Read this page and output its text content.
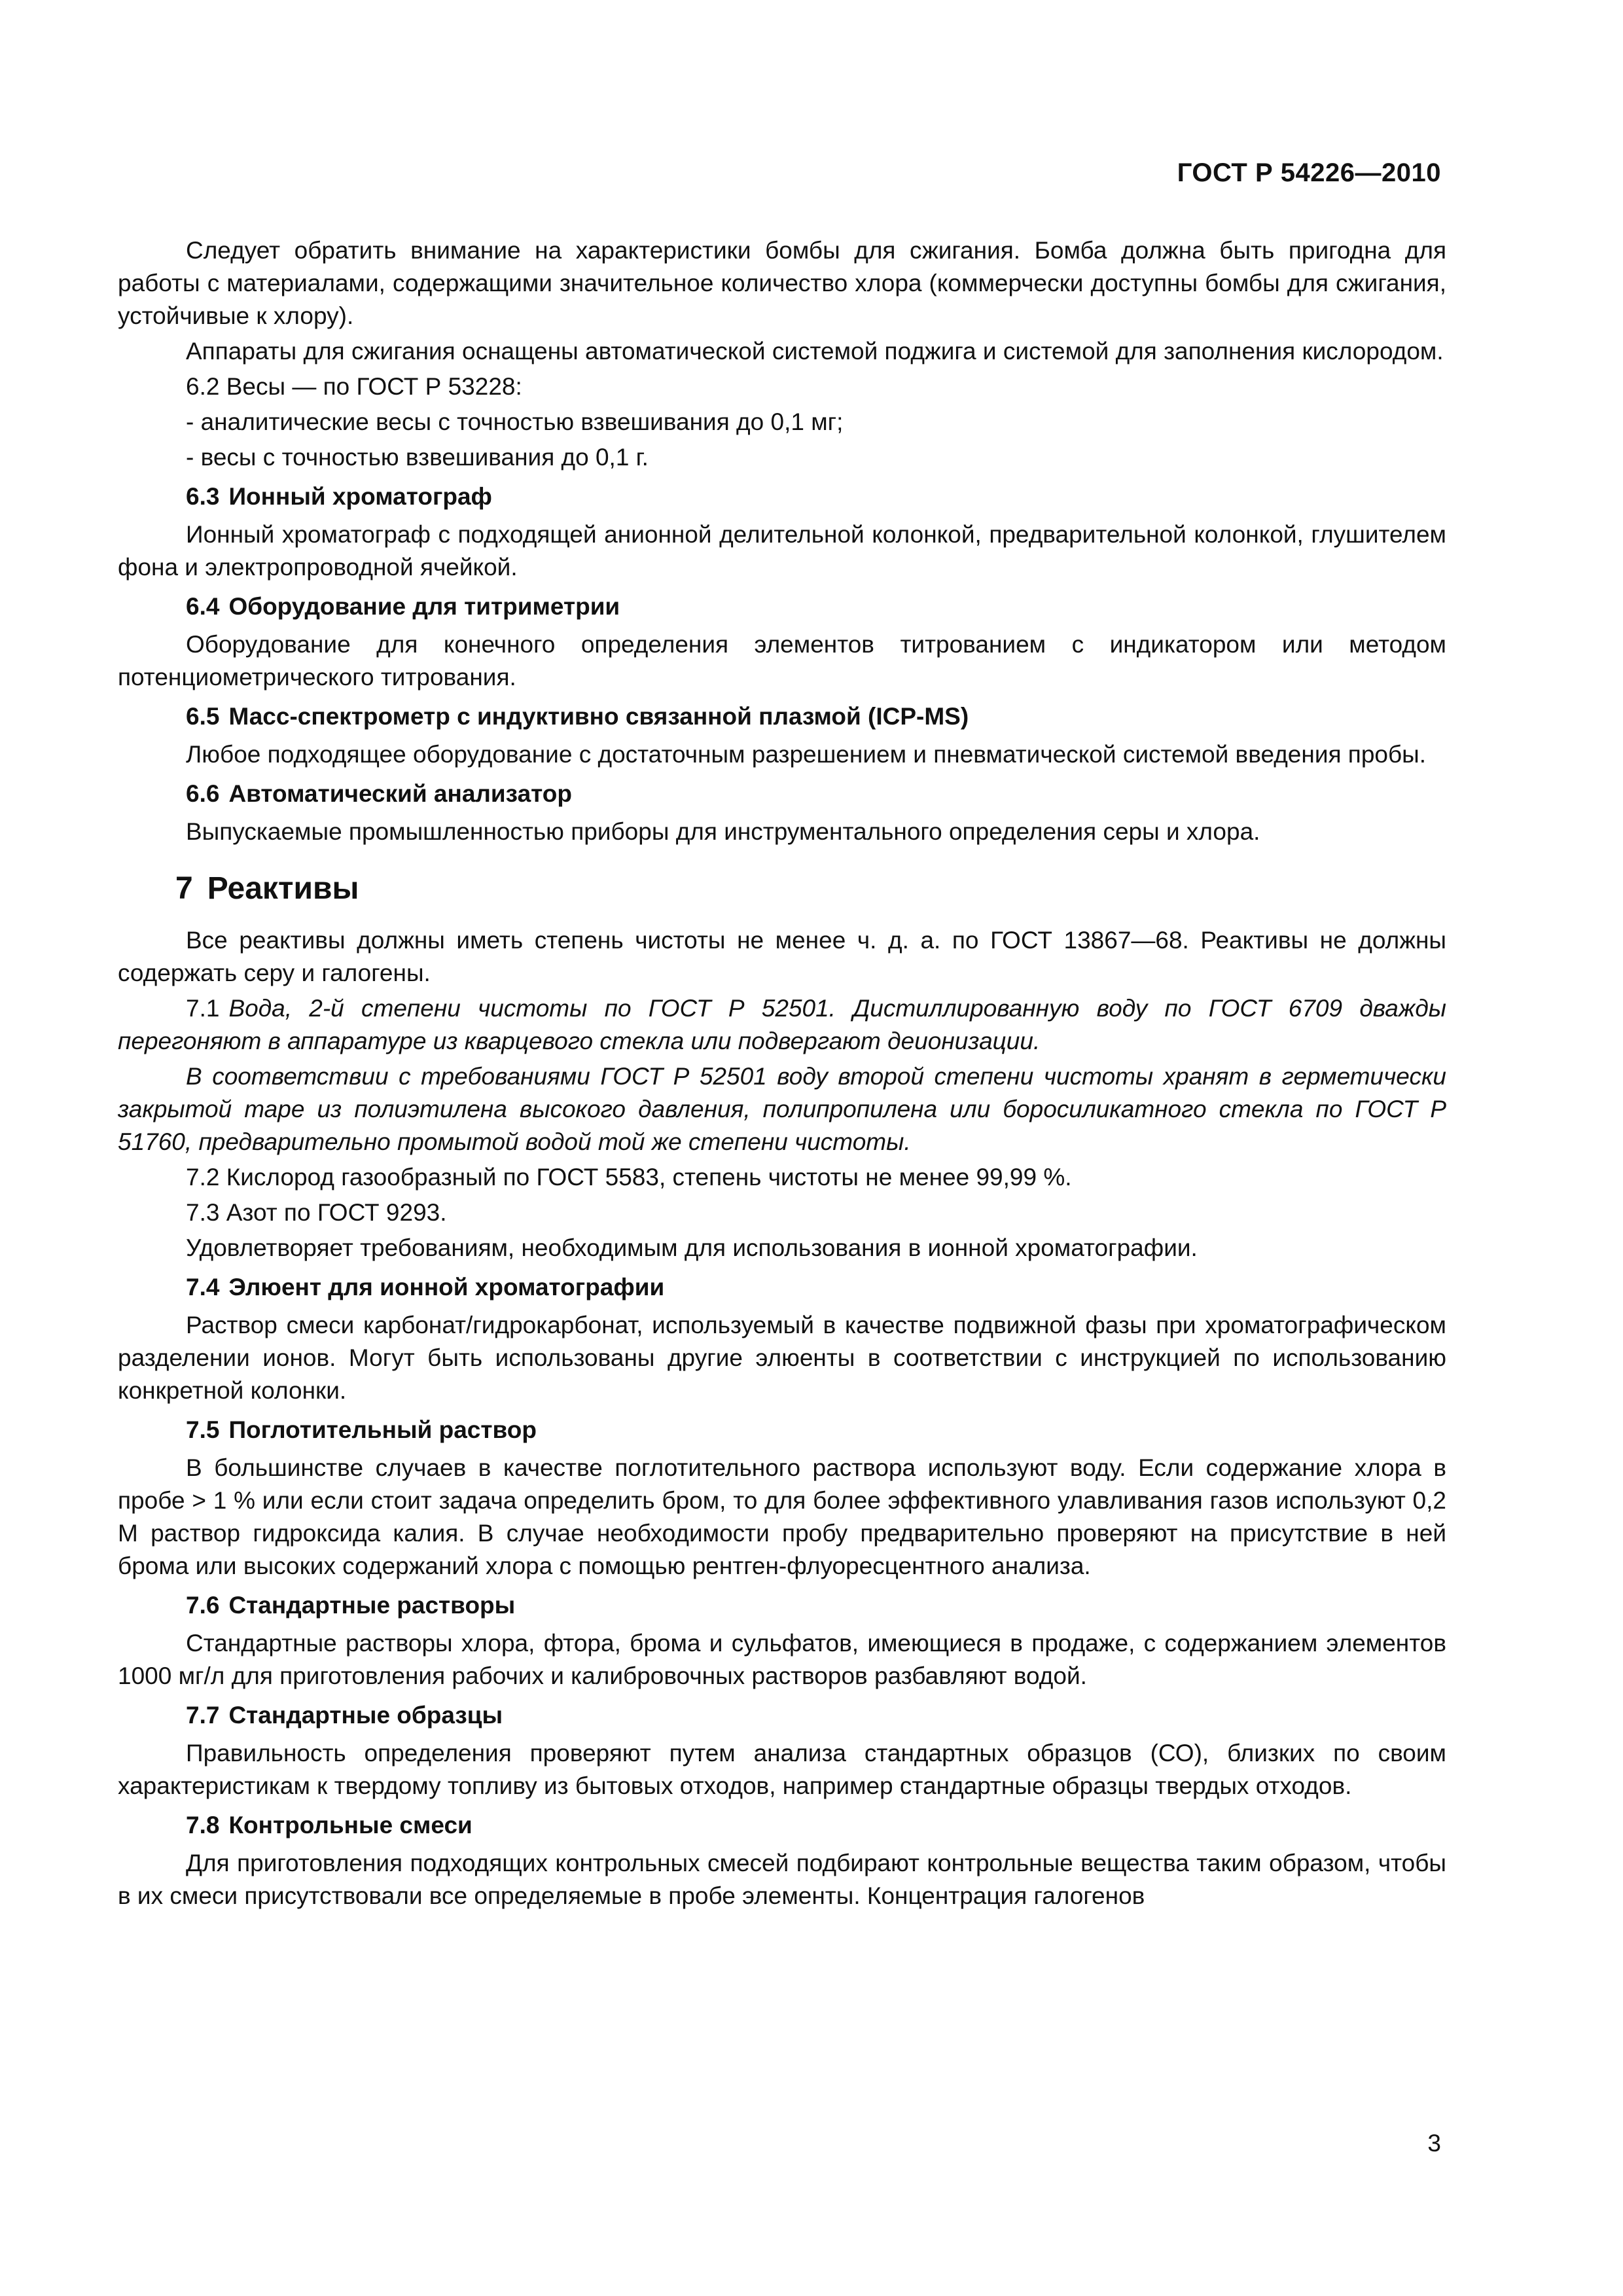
ГОСТ Р 54226—2010

Следует обратить внимание на характеристики бомбы для сжигания. Бомба должна быть пригодна для работы с материалами, содержащими значительное количество хлора (коммерчески доступны бомбы для сжигания, устойчивые к хлору).

Аппараты для сжигания оснащены автоматической системой поджига и системой для заполнения кислородом.

6.2 Весы — по ГОСТ Р 53228:

- аналитические весы с точностью взвешивания до 0,1 мг;

- весы с точностью взвешивания до 0,1 г.

6.3 Ионный хроматограф

Ионный хроматограф с подходящей анионной делительной колонкой, предварительной колонкой, глушителем фона и электропроводной ячейкой.

6.4 Оборудование для титриметрии

Оборудование для конечного определения элементов титрованием с индикатором или методом потенциометрического титрования.

6.5 Масс-спектрометр с индуктивно связанной плазмой (ICP-MS)

Любое подходящее оборудование с достаточным разрешением и пневматической системой введения пробы.

6.6 Автоматический анализатор

Выпускаемые промышленностью приборы для инструментального определения серы и хлора.

7 Реактивы

Все реактивы должны иметь степень чистоты не менее ч. д. а. по ГОСТ 13867—68. Реактивы не должны содержать серу и галогены.

7.1 Вода, 2-й степени чистоты по ГОСТ Р 52501. Дистиллированную воду по ГОСТ 6709 дважды перегоняют в аппаратуре из кварцевого стекла или подвергают деионизации.

В соответствии с требованиями ГОСТ Р 52501 воду второй степени чистоты хранят в герметически закрытой таре из полиэтилена высокого давления, полипропилена или боросиликатного стекла по ГОСТ Р 51760, предварительно промытой водой той же степени чистоты.

7.2 Кислород газообразный по ГОСТ 5583, степень чистоты не менее 99,99 %.

7.3 Азот по ГОСТ 9293.

Удовлетворяет требованиям, необходимым для использования в ионной хроматографии.

7.4 Элюент для ионной хроматографии

Раствор смеси карбонат/гидрокарбонат, используемый в качестве подвижной фазы при хроматографическом разделении ионов. Могут быть использованы другие элюенты в соответствии с инструкцией по использованию конкретной колонки.

7.5 Поглотительный раствор

В большинстве случаев в качестве поглотительного раствора используют воду. Если содержание хлора в пробе > 1 % или если стоит задача определить бром, то для более эффективного улавливания газов используют 0,2 М раствор гидроксида калия. В случае необходимости пробу предварительно проверяют на присутствие в ней брома или высоких содержаний хлора с помощью рентген-флуоресцентного анализа.

7.6 Стандартные растворы

Стандартные растворы хлора, фтора, брома и сульфатов, имеющиеся в продаже, с содержанием элементов 1000 мг/л для приготовления рабочих и калибровочных растворов разбавляют водой.

7.7 Стандартные образцы

Правильность определения проверяют путем анализа стандартных образцов (СО), близких по своим характеристикам к твердому топливу из бытовых отходов, например стандартные образцы твердых отходов.

7.8 Контрольные смеси

Для приготовления подходящих контрольных смесей подбирают контрольные вещества таким образом, чтобы в их смеси присутствовали все определяемые в пробе элементы. Концентрация галогенов

3
